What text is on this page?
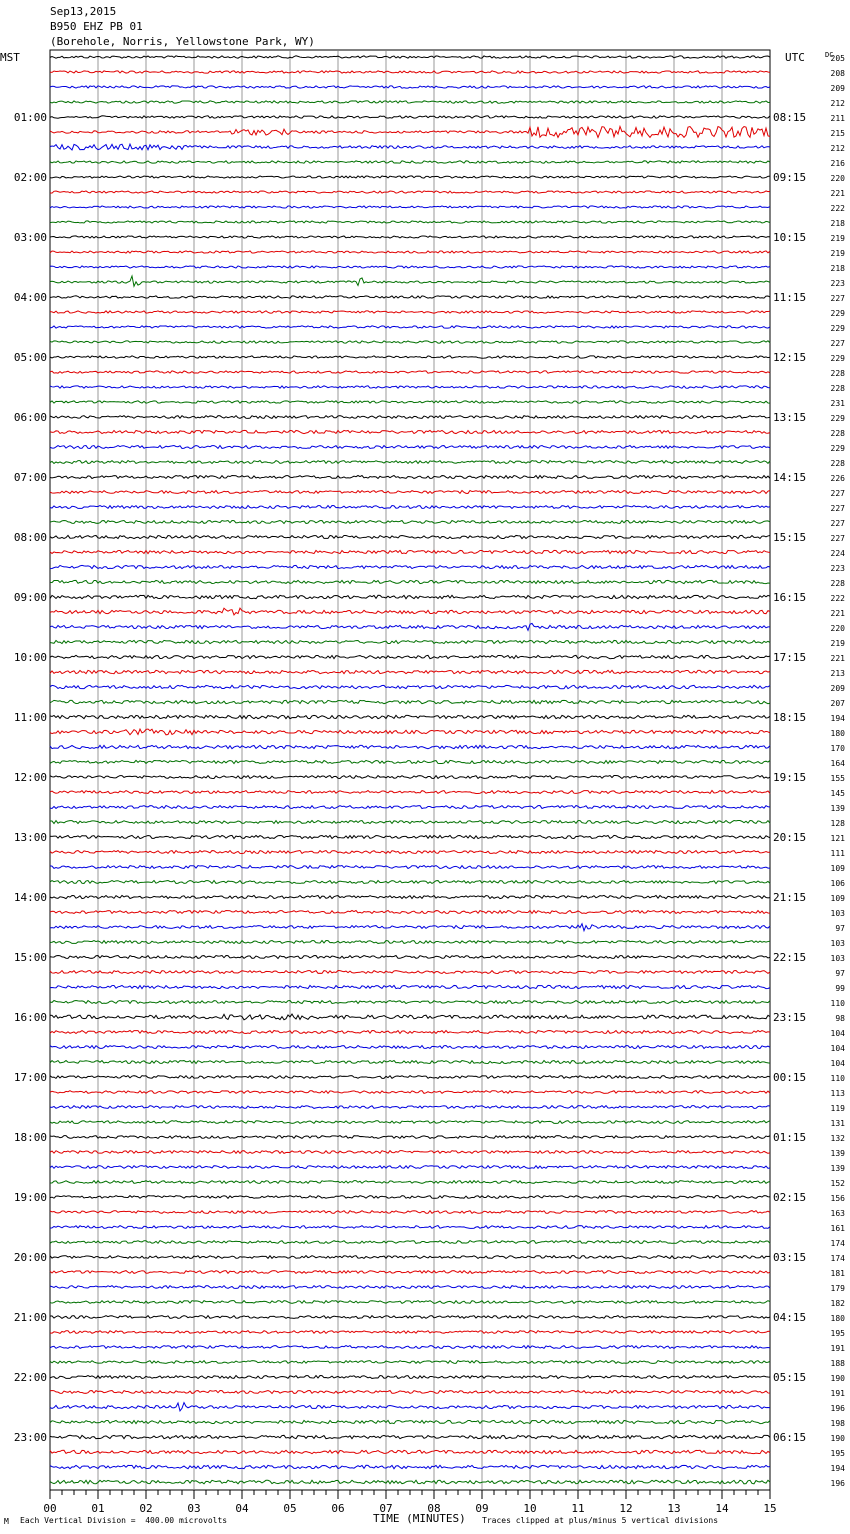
Sep13,2015
B950 EHZ PB 01
(Borehole, Norris, Yellowstone Park, WY)
205
208
209
212
211
215
212
216
220
221
222
218
219
219
218
223
227
229
229
227
229
228
228
231
229
228
229
228
226
227
227
227
227
224
223
228
222
221
220
219
221
213
209
207
194
180
170
164
155
145
139
128
121
111
109
106
109
103
97
103
103
97
99
110
98
104
104
104
110
113
119
131
132
139
139
152
156
163
161
174
174
181
179
182
180
195
191
188
190
191
196
198
190
195
194
196
01:00
02:00
03:00
04:00
05:00
06:00
07:00
08:00
09:00
10:00
11:00
12:00
13:00
14:00
15:00
16:00
17:00
18:00
19:00
20:00
21:00
22:00
23:00
08:15
09:15
10:15
11:15
12:15
13:15
14:15
15:15
16:15
17:15
18:15
19:15
20:15
21:15
22:15
23:15
00:15
01:15
02:15
03:15
04:15
05:15
06:15
MST	UTC	DC
00	01	02	03	04	05	06	07	08	09	10	11	12	13	14	15
M Each Vertical Division =  400.00 microvolts	TIME (MINUTES) Traces clipped at plus/minus 5 vertical divisions
